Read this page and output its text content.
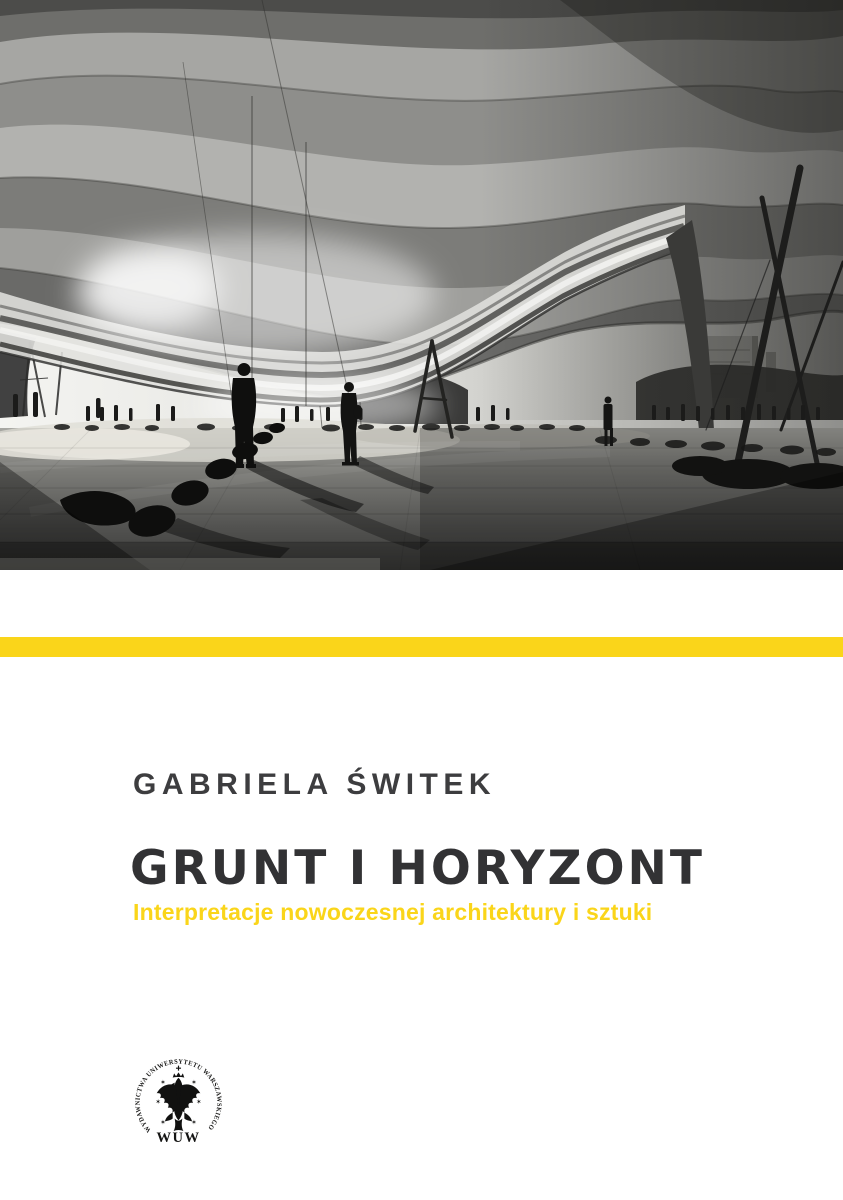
GABRIELA ŚWITEK
GRUNT I HORYZONT
Interpretacje nowoczesnej architektury i sztuki
WYDAWNICTWA UNIWERSYTETU WARSZAWSKIEGO
✶	✶
✶	✶
✶	✶
WUW
